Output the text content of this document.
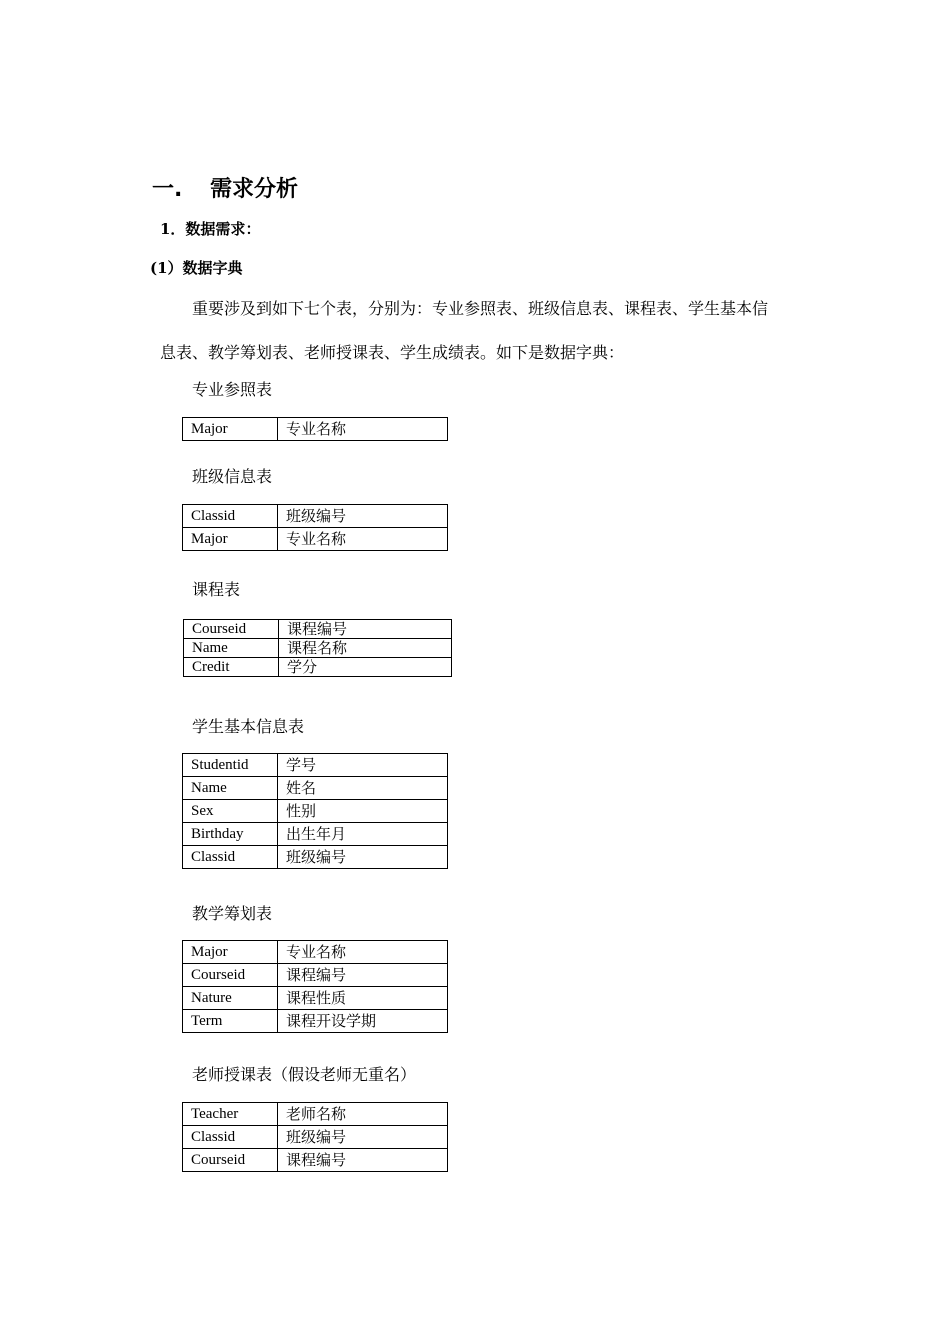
一. 需求分析
1．数据需求：
(1）数据字典
重要涉及到如下七个表，分别为：专业参照表、班级信息表、课程表、学生基本信
息表、教学筹划表、老师授课表、学生成绩表。如下是数据字典：
专业参照表
Major	专业名称
班级信息表
Classid	班级编号
Major	专业名称
课程表
Courseid	课程编号
Name	课程名称
Credit	学分
学生基本信息表
Studentid	学号
Name	姓名
Sex	性别
Birthday	出生年月
Classid	班级编号
教学筹划表
Major	专业名称
Courseid	课程编号
Nature	课程性质
Term	课程开设学期
老师授课表（假设老师无重名）
Teacher	老师名称
Classid	班级编号
Courseid	课程编号
